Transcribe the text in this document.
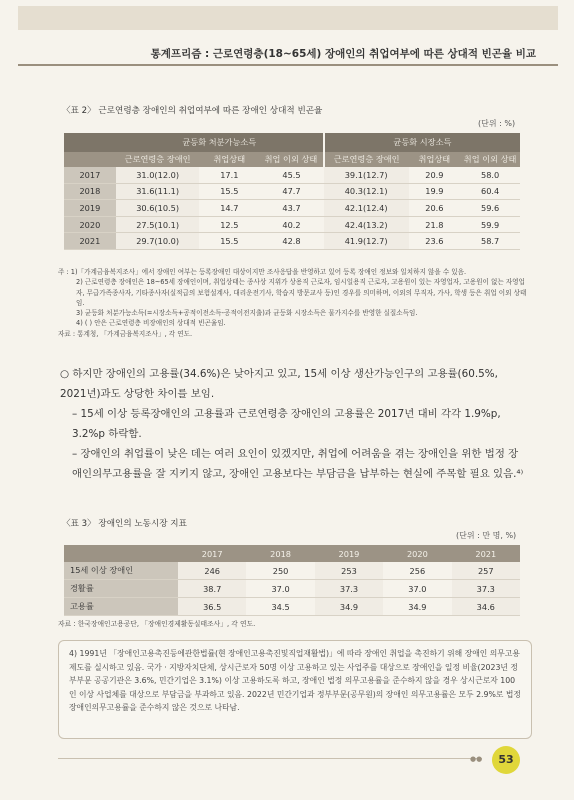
통계프리즘 : 근로연령층(18~65세) 장애인의 취업여부에 따른 상대적 빈곤율 비교
〈표 2〉 근로연령층 장애인의 취업여부에 따른 장애인 상대적 빈곤율
(단위 : %)
	균등화 처분가능소득			균등화 시장소득		
	근로연령층 장애인	취업상태	취업 이외 상태	근로연령층 장애인	취업상태	취업 이외 상태
2017	31.0(12.0)	17.1	45.5	39.1(12.7)	20.9	58.0
2018	31.6(11.1)	15.5	47.7	40.3(12.1)	19.9	60.4
2019	30.6(10.5)	14.7	43.7	42.1(12.4)	20.6	59.6
2020	27.5(10.1)	12.5	40.2	42.4(13.2)	21.8	59.9
2021	29.7(10.0)	15.5	42.8	41.9(12.7)	23.6	58.7

주 : 1)「가계금융복지조사」에서 장애인 여부는 등록장애인 대상이지만 조사응답을 반영하고 있어 등록 장애인 정보와 일치하지 않을 수 있음.

2) 근로연령층 장애인은 18~65세 장애인이며, 취업상태는 종사상 지위가 상용직 근로자, 임시일용직 근로자, 고용원이 있는 자영업자, 고용원이 없는 자영업자, 무급가족종사자, 기타종사자(실적급의 보험설계사, 대리운전기사, 학습지 방문교사 등)인 경우를 의미하며, 이외의 무직자, 가사, 학생 등은 취업 이외 상태임.

3) 균등화 처분가능소득(=시장소득+공적이전소득-공적이전지출)과 균등화 시장소득은 물가지수를 반영한 실질소득임.

4) ( ) 안은 근로연령층 비장애인의 상대적 빈곤율임.

자료 : 통계청, 「가계금융복지조사」, 각 연도.

○ 하지만 장애인의 고용률(34.6%)은 낮아지고 있고, 15세 이상 생산가능인구의 고용률(60.5%, 2021년)과도 상당한 차이를 보임.
– 15세 이상 등록장애인의 고용률과 근로연령층 장애인의 고용률은 2017년 대비 각각 1.9%p, 3.2%p 하락함.
– 장애인의 취업률이 낮은 데는 여러 요인이 있겠지만, 취업에 어려움을 겪는 장애인을 위한 법정 장애인의무고용률을 잘 지키지 않고, 장애인 고용보다는 부담금을 납부하는 현실에 주목할 필요 있음.⁴⁾
〈표 3〉 장애인의 노동시장 지표
(단위 : 만 명, %)
	2017	2018	2019	2020	2021
15세 이상 장애인	246	250	253	256	257
경활률	38.7	37.0	37.3	37.0	37.3
고용률	36.5	34.5	34.9	34.9	34.6
자료 : 한국장애인고용공단, 「장애인경제활동실태조사」, 각 연도.

4) 1991년 「장애인고용촉진등에관한법률(현 장애인고용촉진및직업재활법)」에 따라 장애인 취업을 촉진하기 위해 장애인 의무고용제도를 실시하고 있음. 국가 · 지방자치단체, 상시근로자 50명 이상 고용하고 있는 사업주를 대상으로 장애인을 일정 비율(2023년 정부부문 공공기관은 3.6%, 민간기업은 3.1%) 이상 고용하도록 하고, 장애인 법정 의무고용률을 준수하지 않을 경우 상시근로자 100인 이상 사업체를 대상으로 부담금을 부과하고 있음. 2022년 민간기업과 정부부문(공무원)의 장애인 의무고용률은 모두 2.9%로 법정 장애인의무고용률을 준수하지 않은 것으로 나타남.

●●	53
